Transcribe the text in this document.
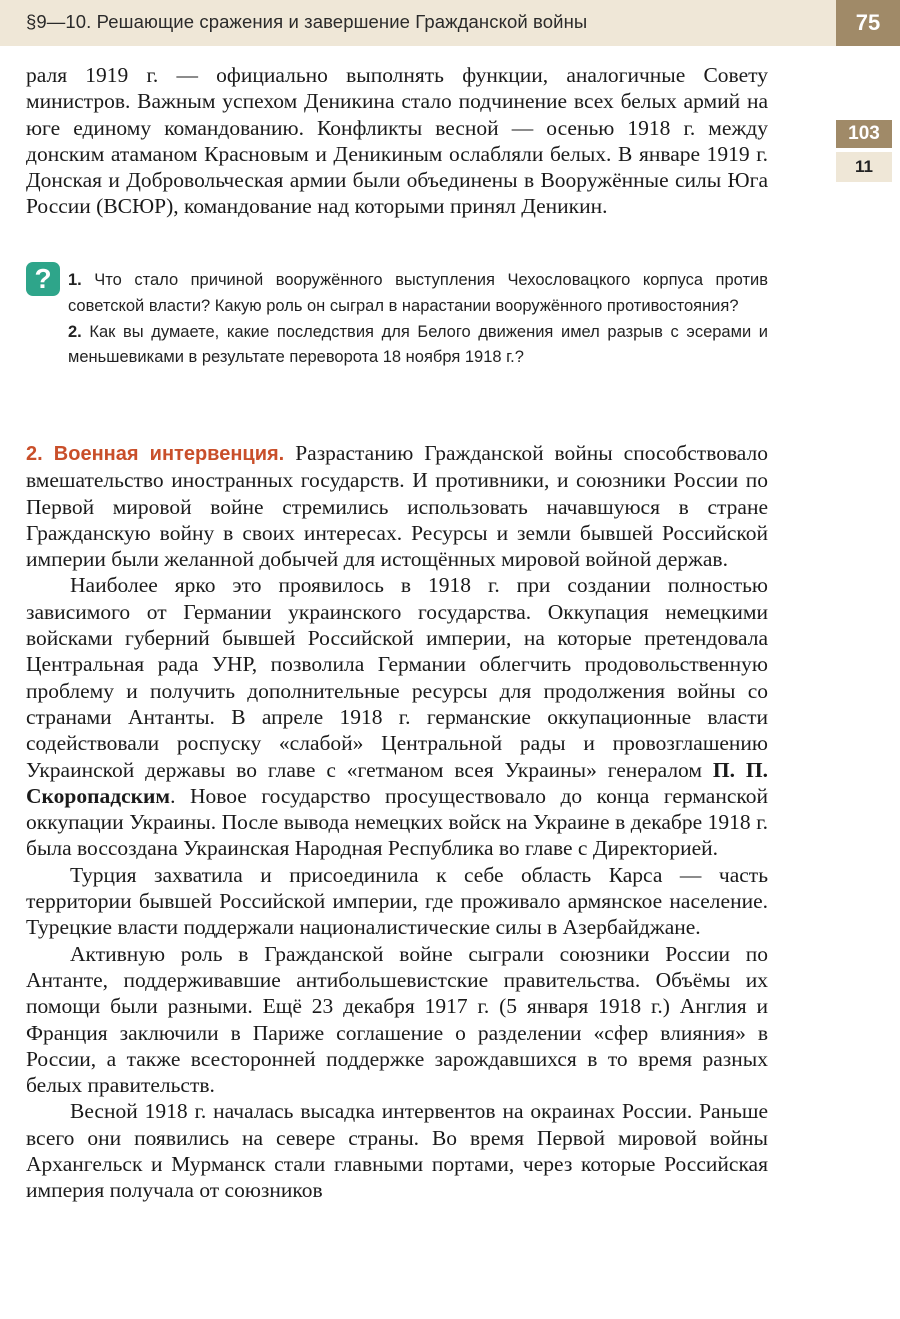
§9—10. Решающие сражения и завершение Гражданской войны	75
103
11

раля 1919 г. — официально выполнять функции, аналогичные Совету министров. Важным успехом Деникина стало подчинение всех белых армий на юге единому командованию. Конфликты весной — осенью 1918 г. между донским атаманом Красновым и Деникиным ослабляли белых. В январе 1919 г. Донская и Добровольческая армии были объединены в Вооружённые силы Юга России (ВСЮР), командование над которыми принял Деникин.

? 1. Что стало причиной вооружённого выступления Чехословацкого корпуса против советской власти? Какую роль он сыграл в нарастании вооружённого противостояния?

2. Как вы думаете, какие последствия для Белого движения имел разрыв с эсерами и меньшевиками в результате переворота 18 ноября 1918 г.?

2. Военная интервенция. Разрастанию Гражданской войны способствовало вмешательство иностранных государств. И противники, и союзники России по Первой мировой войне стремились использовать начавшуюся в стране Гражданскую войну в своих интересах. Ресурсы и земли бывшей Российской империи были желанной добычей для истощённых мировой войной держав.

Наиболее ярко это проявилось в 1918 г. при создании полностью зависимого от Германии украинского государства. Оккупация немецкими войсками губерний бывшей Российской империи, на которые претендовала Центральная рада УНР, позволила Германии облегчить продовольственную проблему и получить дополнительные ресурсы для продолжения войны со странами Антанты. В апреле 1918 г. германские оккупационные власти содействовали роспуску «слабой» Центральной рады и провозглашению Украинской державы во главе с «гетманом всея Украины» генералом П. П. Скоропадским. Новое государство просуществовало до конца германской оккупации Украины. После вывода немецких войск на Украине в декабре 1918 г. была воссоздана Украинская Народная Республика во главе с Директорией.

Турция захватила и присоединила к себе область Карса — часть территории бывшей Российской империи, где проживало армянское население. Турецкие власти поддержали националистические силы в Азербайджане.

Активную роль в Гражданской войне сыграли союзники России по Антанте, поддерживавшие антибольшевистские правительства. Объёмы их помощи были разными. Ещё 23 декабря 1917 г. (5 января 1918 г.) Англия и Франция заключили в Париже соглашение о разделении «сфер влияния» в России, а также всесторонней поддержке зарождавшихся в то время разных белых правительств.

Весной 1918 г. началась высадка интервентов на окраинах России. Раньше всего они появились на севере страны. Во время Первой мировой войны Архангельск и Мурманск стали главными портами, через которые Российская империя получала от союзников
